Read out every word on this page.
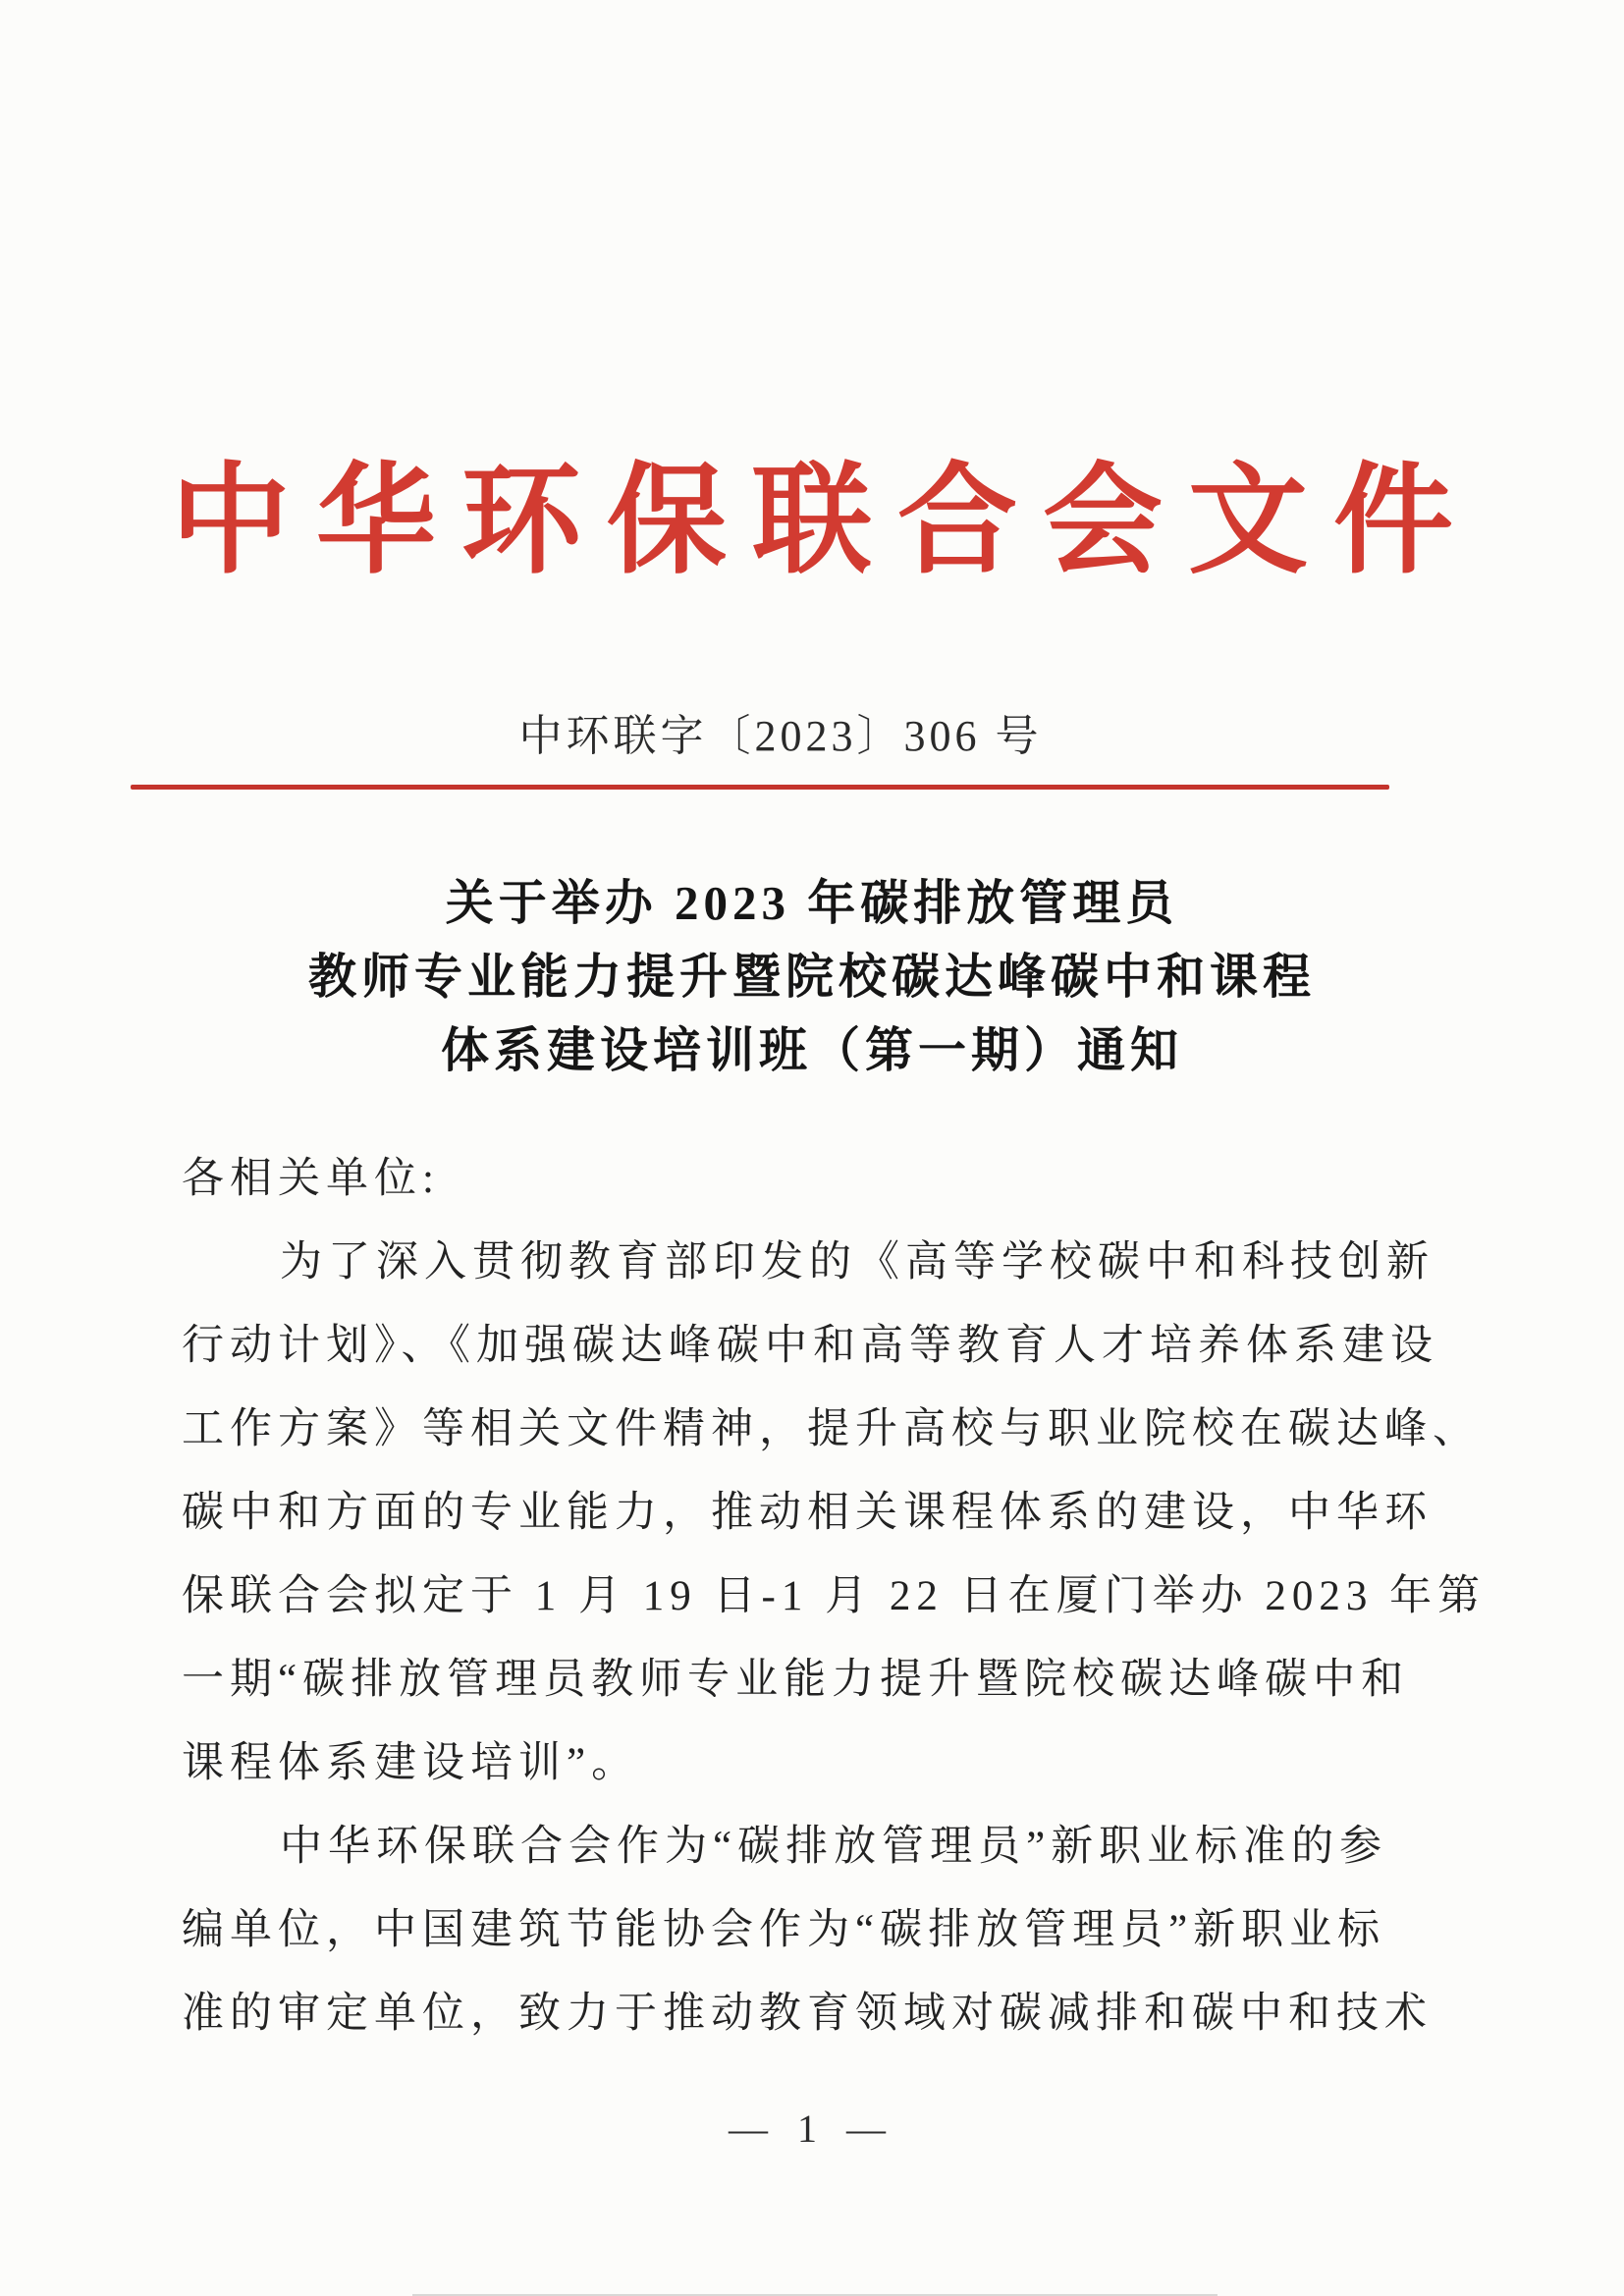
中华环保联合会文件
中环联字〔2023〕306 号
关于举办 2023 年碳排放管理员
教师专业能力提升暨院校碳达峰碳中和课程
体系建设培训班（第一期）通知
各相关单位:
为了深入贯彻教育部印发的《高等学校碳中和科技创新
行动计划》、《加强碳达峰碳中和高等教育人才培养体系建设
工作方案》等相关文件精神，提升高校与职业院校在碳达峰、
碳中和方面的专业能力，推动相关课程体系的建设，中华环
保联合会拟定于 1 月 19 日-1 月 22 日在厦门举办 2023 年第
一期“碳排放管理员教师专业能力提升暨院校碳达峰碳中和
课程体系建设培训”。
中华环保联合会作为“碳排放管理员”新职业标准的参
编单位，中国建筑节能协会作为“碳排放管理员”新职业标
准的审定单位，致力于推动教育领域对碳减排和碳中和技术
— 1 —
